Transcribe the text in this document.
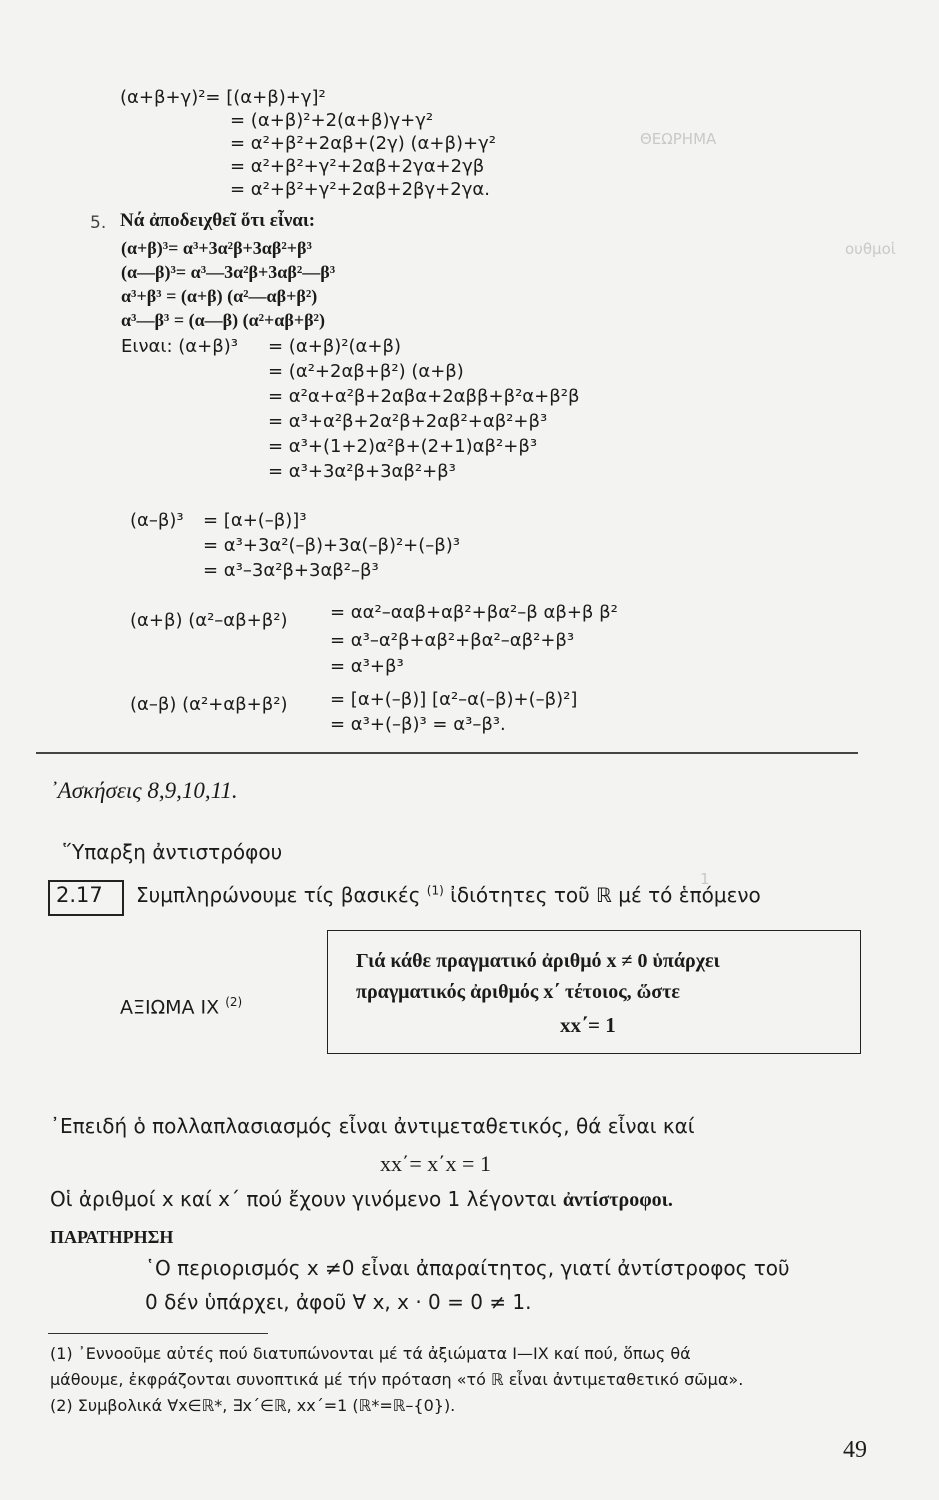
ΘΕΩΡΗΜΑ
ουθμοἱ
1
(α+β+γ)²= [(α+β)+γ]²
= (α+β)²+2(α+β)γ+γ²
= α²+β²+2αβ+(2γ) (α+β)+γ²
= α²+β²+γ²+2αβ+2γα+2γβ
= α²+β²+γ²+2αβ+2βγ+2γα.
5. Νά ἀποδειχθεῖ ὅτι εἶναι:
(α+β)³= α³+3α²β+3αβ²+β³
(α—β)³= α³—3α²β+3αβ²—β³
α³+β³ = (α+β) (α²—αβ+β²)
α³—β³ = (α—β) (α²+αβ+β²)
Eιναι: (α+β)³ = (α+β)²(α+β)
= (α²+2αβ+β²) (α+β)
= α²α+α²β+2αβα+2αββ+β²α+β²β
= α³+α²β+2α²β+2αβ²+αβ²+β³
= α³+(1+2)α²β+(2+1)αβ²+β³
= α³+3α²β+3αβ²+β³
(α–β)³ = [α+(–β)]³
= α³+3α²(–β)+3α(–β)²+(–β)³
= α³–3α²β+3αβ²–β³
(α+β) (α²–αβ+β²) = αα²–ααβ+αβ²+βα²–β αβ+β β²
= α³–α²β+αβ²+βα²–αβ²+β³
= α³+β³
(α–β) (α²+αβ+β²) = [α+(–β)] [α²–α(–β)+(–β)²]
= α³+(–β)³ = α³–β³.
᾿Ασκήσεις 8,9,10,11.
῞Υπαρξη ἀντιστρόφου
2.17 Συμπληρώνουμε τίς βασικές $^{(1)}$ ἰδιότητες τοῦ ℝ μέ τό ἑπόμενο
ΑΞΙΩΜΑ IX $^{(2)}$
Γιά κάθε πραγματικό ἀριθμό x ≠ 0 ὑπάρχει
πραγματικός ἀριθμός x΄ τέτοιος, ὥστε
xx΄= 1
᾿Επειδή ὁ πολλαπλασιασμός εἶναι ἀντιμεταθετικός, θά εἶναι καί
xx΄= x΄x = 1
Οἱ ἀριθμοί x καί x΄ πού ἔχουν γινόμενο 1 λέγονται ἀντίστροφοι.
ΠΑΡΑΤΗΡΗΣΗ
῾Ο περιορισμός x ≠0 εἶναι ἀπαραίτητος, γιατί ἀντίστροφος τοῦ
0 δέν ὑπάρχει, ἀφοῦ ∀ x, x · 0 = 0 ≠ 1.
(1) ᾿Εννοοῦμε αὐτές πού διατυπώνονται μέ τά ἀξιώματα I—IX καί πού, ὅπως θά
μάθουμε, ἐκφράζονται συνοπτικά μέ τήν πρόταση «τό ℝ εἶναι ἀντιμεταθετικό σῶμα».
(2) Συμβολικά ∀x∈ℝ*, ∃x΄∈ℝ, xx΄=1 (ℝ*=ℝ–{0}).
49
